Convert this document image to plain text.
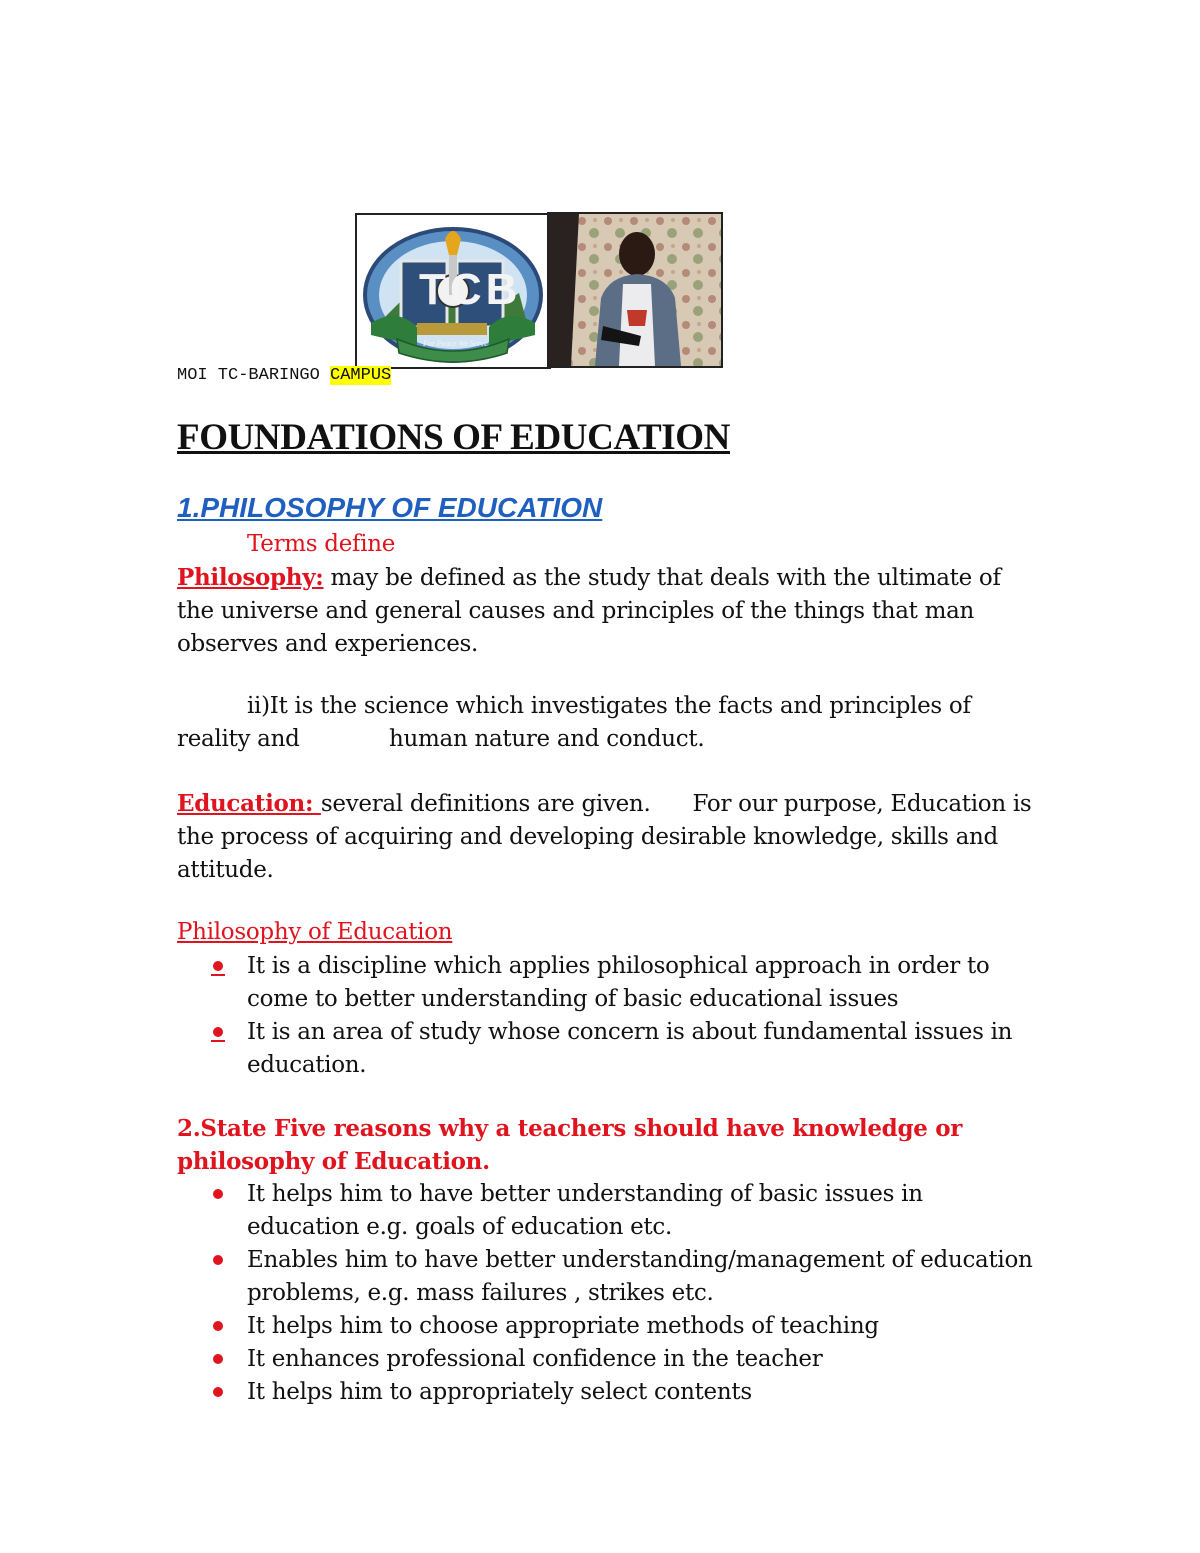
TCB
For Peace We Serve
MOI TC-BARINGO CAMPUS
FOUNDATIONS OF EDUCATION
1.PHILOSOPHY OF EDUCATION
Terms define

Philosophy: may be defined as the study that deals with the ultimate of the universe and general causes and principles of the things that man observes and experiences.

ii)It is the science which investigates the facts and principles of
reality and	human nature and conduct.

Education: several definitions are given.      For our purpose, Education is the process of acquiring and developing desirable knowledge, skills and attitude.

Philosophy of Education
It is a discipline which applies philosophical approach in order to come to better understanding of basic educational issues
It is an area of study whose concern is about fundamental issues in education.

2.State Five reasons why a teachers should have knowledge or philosophy of Education.

It helps him to have better understanding of basic issues in education e.g. goals of education etc.
Enables him to have better understanding/management of education problems, e.g. mass failures , strikes etc.
It helps him to choose appropriate methods of teaching
It enhances professional confidence in the teacher
It helps him to appropriately select contents
